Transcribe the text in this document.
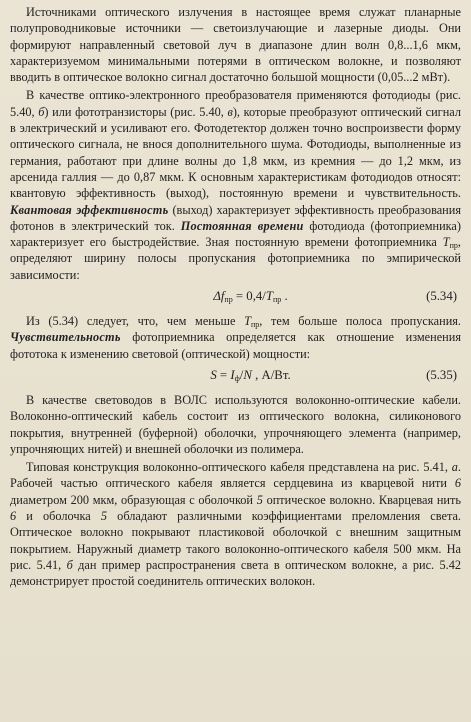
Источниками оптического излучения в настоящее время служат планарные полупроводниковые источники — светоизлучающие и лазерные диоды. Они формируют направленный световой луч в диапазоне длин волн 0,8...1,6 мкм, характеризуемом минимальными потерями в оптическом волокне, и позволяют вводить в оптическое волокно сигнал достаточно большой мощности (0,05...2 мВт).

В качестве оптико-электронного преобразователя применяются фотодиоды (рис. 5.40, б) или фототранзисторы (рис. 5.40, в), которые преобразуют оптический сигнал в электрический и усиливают его. Фотодетектор должен точно воспроизвести форму оптического сигнала, не внося дополнительного шума. Фотодиоды, выполненные из германия, работают при длине волны до 1,8 мкм, из кремния — до 1,2 мкм, из арсенида галлия — до 0,87 мкм. К основным характеристикам фотодиодов относят: квантовую эффективность (выход), постоянную времени и чувствительность. Квантовая эффективность (выход) характеризует эффективность преобразования фотонов в электрический ток. Постоянная времени фотодиода (фотоприемника) характеризует его быстродействие. Зная постоянную времени фотоприемника $T_{пр}$, определяют ширину полосы пропускания фотоприемника по эмпирической зависимости:

$\Delta f_{пр} = 0,4/T_{пр}$ .	(5.34)

Из (5.34) следует, что, чем меньше $T_{пр}$, тем больше полоса пропускания. Чувствительность фотоприемника определяется как отношение изменения фототока к изменению световой (оптической) мощности:

$S = I_ф/N$ , А/Вт.	(5.35)

В качестве световодов в ВОЛС используются волоконно-оптические кабели. Волоконно-оптический кабель состоит из оптического волокна, силиконового покрытия, внутренней (буферной) оболочки, упрочняющего элемента (например, упрочняющих нитей) и внешней оболочки из полимера.

Типовая конструкция волоконно-оптического кабеля представлена на рис. 5.41, а. Рабочей частью оптического кабеля является сердцевина из кварцевой нити 6 диаметром 200 мкм, образующая с оболочкой 5 оптическое волокно. Кварцевая нить 6 и оболочка 5 обладают различными коэффициентами преломления света. Оптическое волокно покрывают пластиковой оболочкой с внешним защитным покрытием. Наружный диаметр такого волоконно-оптического кабеля 500 мкм. На рис. 5.41, б дан пример распространения света в оптическом волокне, а рис. 5.42 демонстрирует простой соединитель оптических волокон.
